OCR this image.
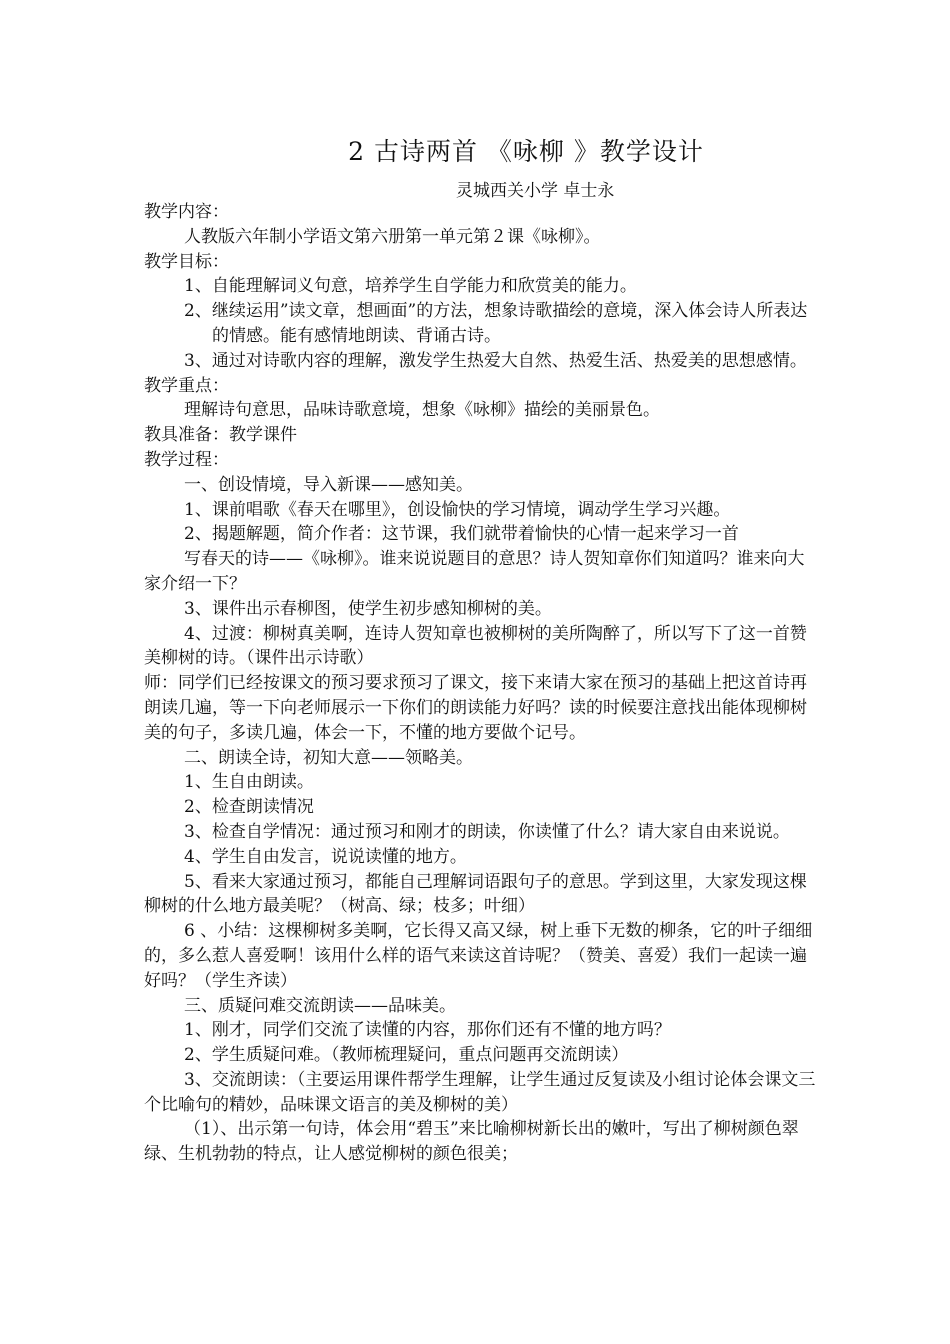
2 古诗两首 《咏柳 》教学设计
灵城西关小学 卓士永

教学内容：

人教版六年制小学语文第六册第一单元第２课《咏柳》。

教学目标：

1、自能理解词义句意，培养学生自学能力和欣赏美的能力。

2、继续运用”读文章，想画面”的方法，想象诗歌描绘的意境，深入体会诗人所表达的情感。能有感情地朗读、背诵古诗。

3、通过对诗歌内容的理解，激发学生热爱大自然、热爱生活、热爱美的思想感情。

教学重点：

理解诗句意思，品味诗歌意境，想象《咏柳》描绘的美丽景色。

教具准备：教学课件

教学过程：

一、创设情境，导入新课——感知美。

1、课前唱歌《春天在哪里》，创设愉快的学习情境，调动学生学习兴趣。

2、揭题解题，简介作者：这节课，我们就带着愉快的心情一起来学习一首

写春天的诗——《咏柳》。谁来说说题目的意思？诗人贺知章你们知道吗？谁来向大家介绍一下？

3、课件出示春柳图，使学生初步感知柳树的美。

4、过渡：柳树真美啊，连诗人贺知章也被柳树的美所陶醉了，所以写下了这一首赞美柳树的诗。（课件出示诗歌）

师：同学们已经按课文的预习要求预习了课文，接下来请大家在预习的基础上把这首诗再朗读几遍，等一下向老师展示一下你们的朗读能力好吗？读的时候要注意找出能体现柳树美的句子，多读几遍，体会一下，不懂的地方要做个记号。

二、朗读全诗，初知大意——领略美。

1、生自由朗读。

2、检查朗读情况

3、检查自学情况：通过预习和刚才的朗读，你读懂了什么？请大家自由来说说。

4、学生自由发言，说说读懂的地方。

5、看来大家通过预习，都能自己理解词语跟句子的意思。学到这里，大家发现这棵柳树的什么地方最美呢？（树高、绿；枝多；叶细）

6 、小结：这棵柳树多美啊，它长得又高又绿，树上垂下无数的柳条，它的叶子细细的，多么惹人喜爱啊！该用什么样的语气来读这首诗呢？（赞美、喜爱）我们一起读一遍好吗？（学生齐读）

三、质疑问难交流朗读——品味美。

1、刚才，同学们交流了读懂的内容，那你们还有不懂的地方吗？

2、学生质疑问难。（教师梳理疑问，重点问题再交流朗读）

3、交流朗读：（主要运用课件帮学生理解，让学生通过反复读及小组讨论体会课文三个比喻句的精妙，品味课文语言的美及柳树的美）

（1）、出示第一句诗，体会用“碧玉”来比喻柳树新长出的嫩叶，写出了柳树颜色翠绿、生机勃勃的特点，让人感觉柳树的颜色很美；
